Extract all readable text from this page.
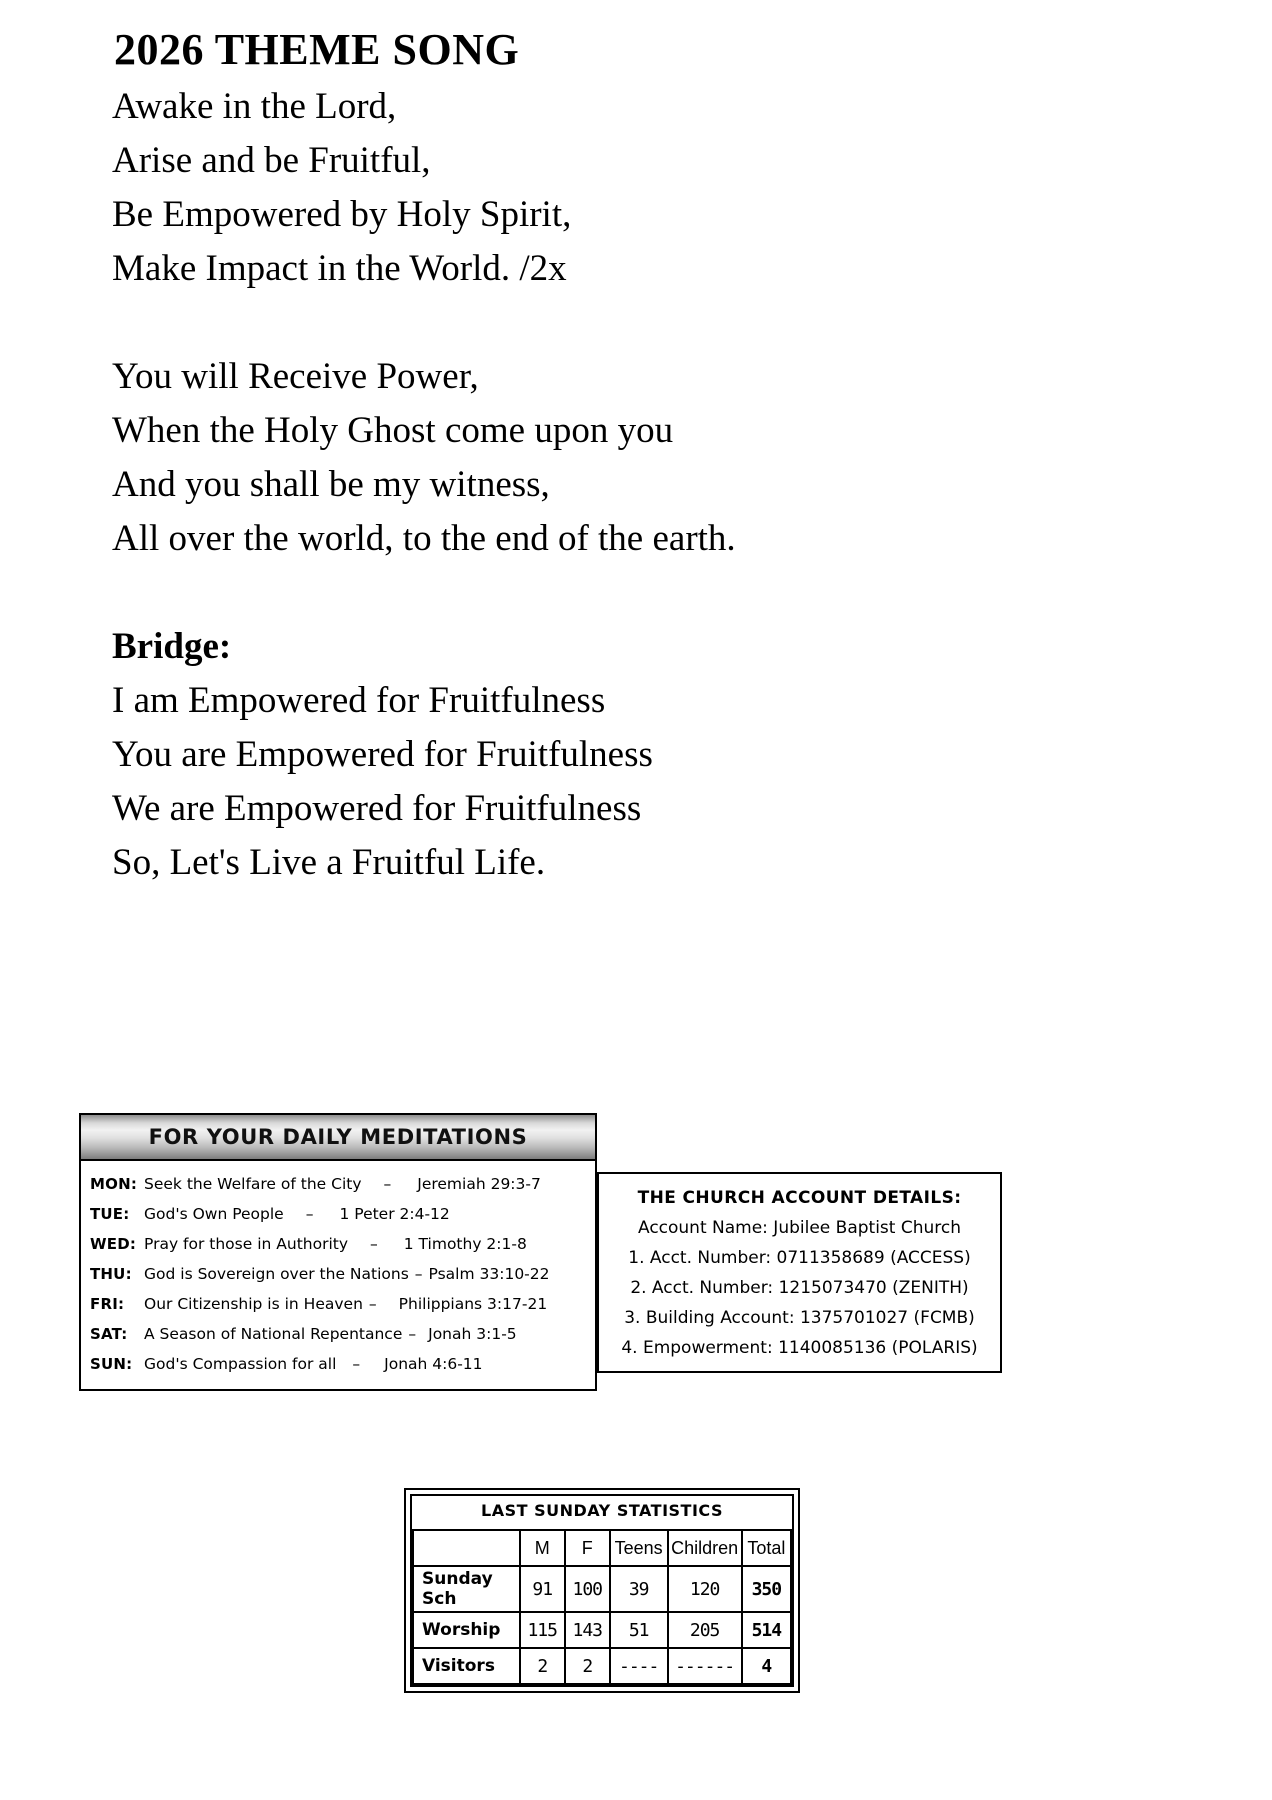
2026 THEME SONG

Awake in the Lord,

Arise and be Fruitful,

Be Empowered by Holy Spirit,

Make Impact in the World. /2x

You will Receive Power,

When the Holy Ghost come upon you

And you shall be my witness,

All over the world, to the end of the earth.

Bridge:

I am Empowered for Fruitfulness

You are Empowered for Fruitfulness

We are Empowered for Fruitfulness

So, Let's Live a Fruitful Life.

FOR YOUR DAILY MEDITATIONS
MON: Seek the Welfare of the City – Jeremiah 29:3-7
TUE: God's Own People – 1 Peter 2:4-12
WED: Pray for those in Authority – 1 Timothy 2:1-8
THU: God is Sovereign over the Nations – Psalm 33:10-22
FRI:	Our Citizenship is in Heaven – Philippians 3:17-21
SAT:	A Season of National Repentance – Jonah 3:1-5
SUN: God's Compassion for all – Jonah 4:6-11
THE CHURCH ACCOUNT DETAILS:
Account Name: Jubilee Baptist Church
1. Acct. Number: 0711358689 (ACCESS)
2. Acct. Number: 1215073470 (ZENITH)
3. Building Account: 1375701027 (FCMB)
4. Empowerment: 1140085136 (POLARIS)
LAST SUNDAY STATISTICS
	M	F	Teens	Children	Total
Sunday Sch	91	100	39	120	350
Worship	115	143	51	205	514
Visitors	2	2	----	------	4
